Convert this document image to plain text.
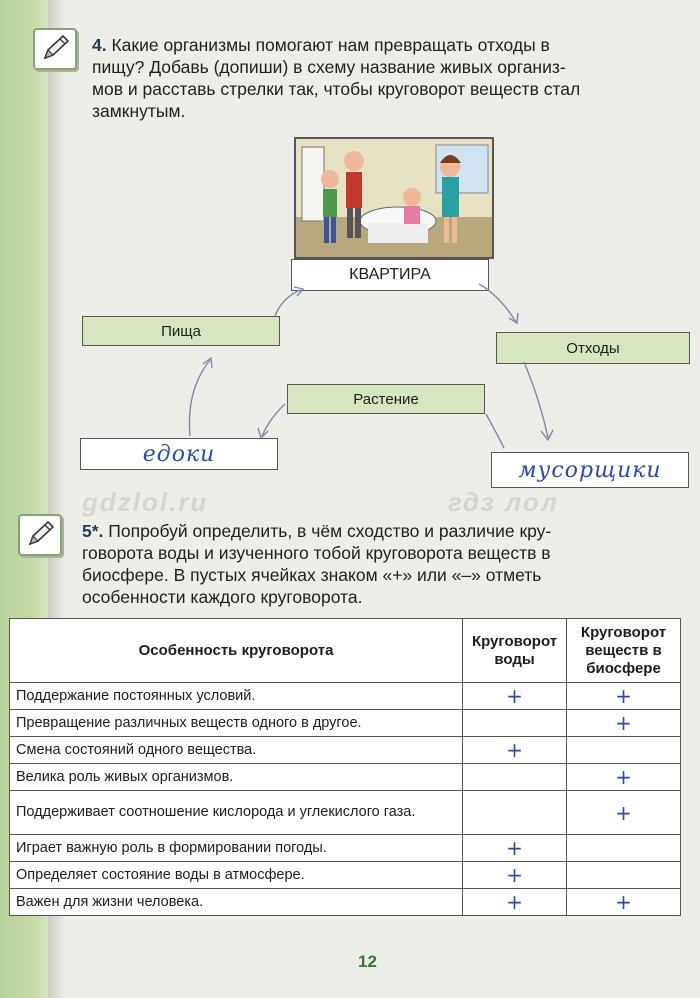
4. Какие организмы помогают нам превращать отходы в

пищу? Добавь (допиши) в схему название живых организ-

мов и расставь стрелки так, чтобы круговорот веществ стал

замкнутым.

КВАРТИРА
Пища
Отходы
Растение
едоки
мусорщики
gdzlol.ru	гдз лол

5*. Попробуй определить, в чём сходство и различие кру-

говорота воды и изученного тобой круговорота веществ в

биосфере. В пустых ячейках знаком «+» или «–» отметь

особенности каждого круговорота.

Особенность круговорота	Круговорот воды	Круговорот веществ в биосфере
Поддержание постоянных условий.	+	+
Превращение различных веществ одного в другое.		+
Смена состояний одного вещества.	+	
Велика роль живых организмов.		+
Поддерживает соотношение кислорода и углекислого газа.		+
Играет важную роль в формировании погоды.	+	
Определяет состояние воды в атмосфере.	+	
Важен для жизни человека.	+	+
12
